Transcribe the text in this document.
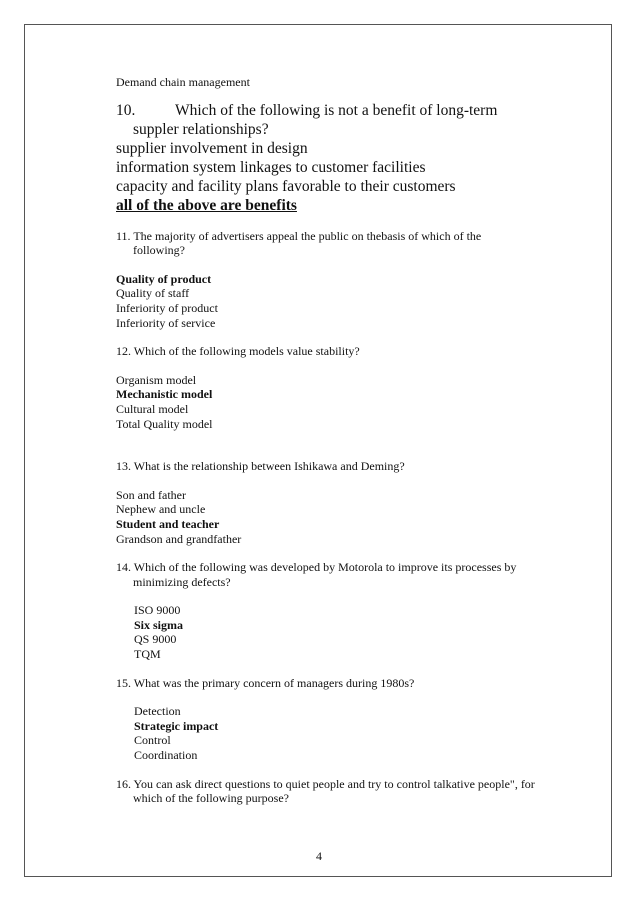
Demand chain management

10.	Which of the following is not a benefit of long-term suppler relationships?

supplier involvement in design

information system linkages to customer facilities

capacity and facility plans favorable to their customers

all of the above are benefits

11. The majority of advertisers appeal the public on thebasis of which of the following?

Quality of product

Quality of staff

Inferiority of product

Inferiority of service

12. Which of the following models value stability?

Organism model

Mechanistic model

Cultural model

Total Quality model

13. What is the relationship between Ishikawa and Deming?

Son and father

Nephew and uncle

Student and teacher

Grandson and grandfather

14. Which of the following was developed by Motorola to improve its processes by minimizing defects?

ISO 9000

Six sigma

QS 9000

TQM

15. What was the primary concern of managers during 1980s?

Detection

Strategic impact

Control

Coordination

16. You can ask direct questions to quiet people and try to control talkative people", for which of the following purpose?

4
